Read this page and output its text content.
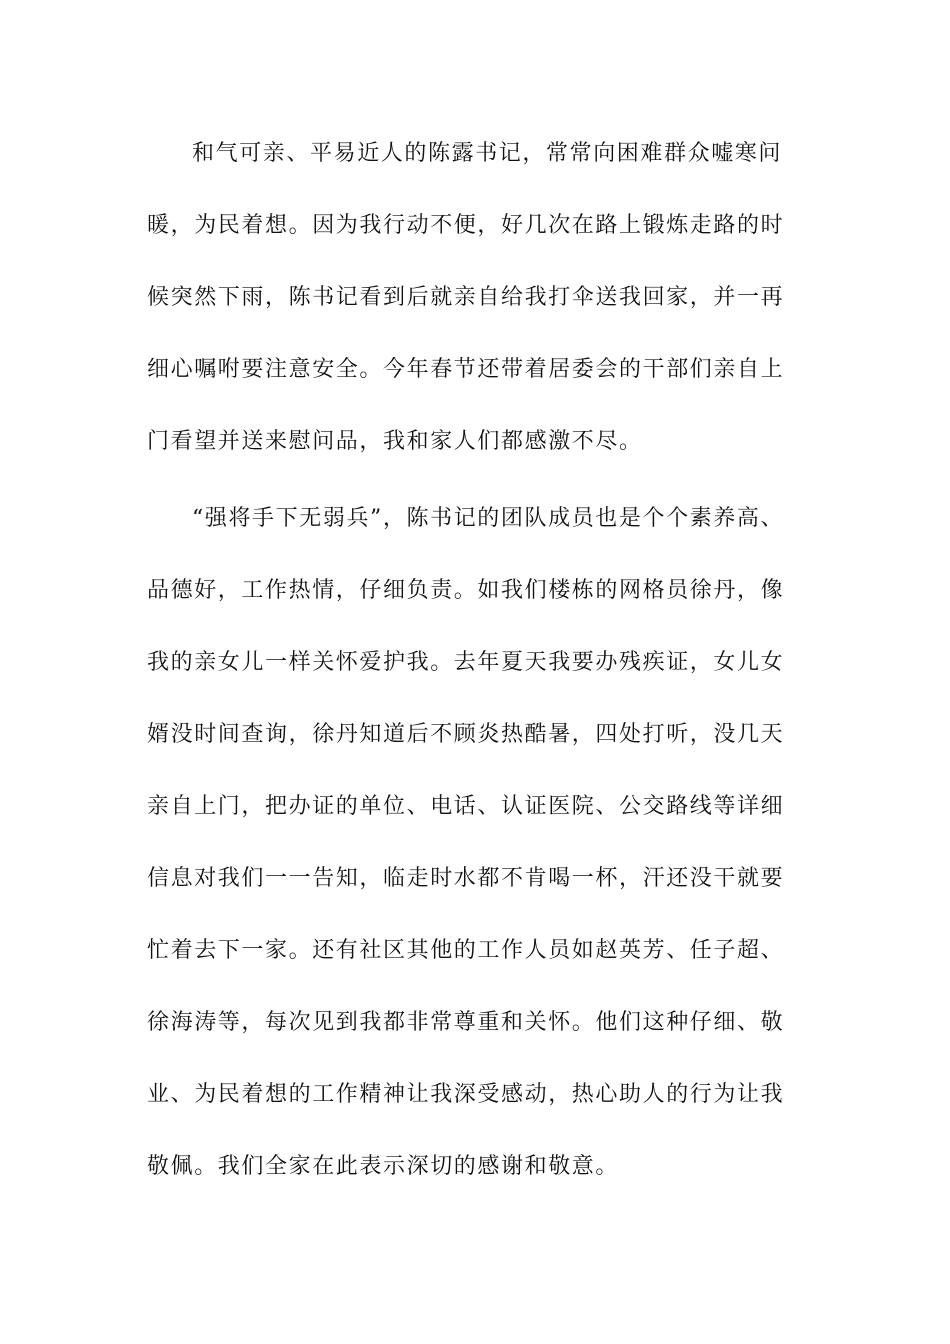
和气可亲、平易近人的陈露书记，常常向困难群众嘘寒问
暖，为民着想。因为我行动不便，好几次在路上锻炼走路的时
候突然下雨，陈书记看到后就亲自给我打伞送我回家，并一再
细心嘱咐要注意安全。今年春节还带着居委会的干部们亲自上
门看望并送来慰问品，我和家人们都感激不尽。
“强将手下无弱兵”，陈书记的团队成员也是个个素养高、
品德好，工作热情，仔细负责。如我们楼栋的网格员徐丹，像
我的亲女儿一样关怀爱护我。去年夏天我要办残疾证，女儿女
婿没时间查询，徐丹知道后不顾炎热酷暑，四处打听，没几天
亲自上门，把办证的单位、电话、认证医院、公交路线等详细
信息对我们一一告知，临走时水都不肯喝一杯，汗还没干就要
忙着去下一家。还有社区其他的工作人员如赵英芳、任子超、
徐海涛等，每次见到我都非常尊重和关怀。他们这种仔细、敬
业、为民着想的工作精神让我深受感动，热心助人的行为让我
敬佩。我们全家在此表示深切的感谢和敬意。
